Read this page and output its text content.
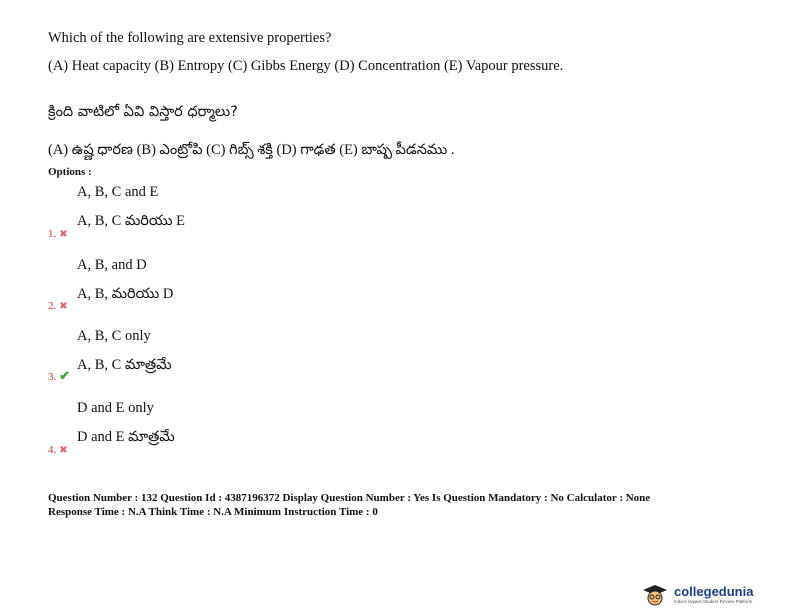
Which of the following are extensive properties?
(A) Heat capacity (B) Entropy (C) Gibbs Energy (D) Concentration (E) Vapour pressure.
క్రింది వాటిలో ఏవి విస్తార ధర్మాలు?
(A) ఉష్ణ ధారణ (B) ఎంట్రోపి (C) గిబ్స్ శక్తి (D) గాఢత (E) బాష్ప పీడనము .
Options :
A, B, C and E
A, B, C మరియు E
1. ✖
A, B, and D
A, B, మరియు D
2. ✖
A, B, C only
A, B, C మాత్రమే
3. ✔
D and E only
D and E మాత్రమే
4. ✖
Question Number : 132 Question Id : 4387196372 Display Question Number : Yes Is Question Mandatory : No Calculator : None
Response Time : N.A Think Time : N.A Minimum Instruction Time : 0
collegedunia
India's largest Student Review Platform
